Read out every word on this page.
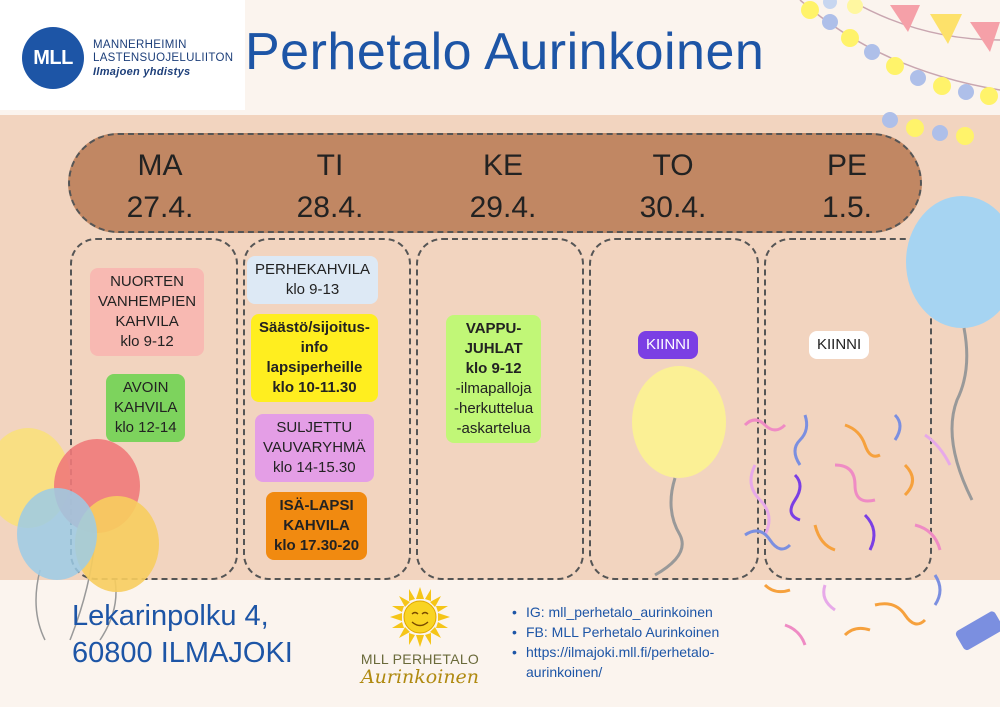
MLL
MANNERHEIMIN
LASTENSUOJELULIITON
Ilmajoen yhdistys Perhetalo Aurinkoinen
MA
27.4.
TI
28.4.
KE
29.4.
TO
30.4.
PE
1.5.
NUORTEN
VANHEMPIEN
KAHVILA
klo 9-12
AVOIN
KAHVILA
klo 12-14
PERHEKAHVILA
klo 9-13
Säästö/sijoitus-
info
lapsiperheille
klo 10-11.30
SULJETTU
VAUVARYHMÄ
klo 14-15.30
ISÄ-LAPSI
KAHVILA
klo 17.30-20
VAPPU-
JUHLAT
klo 9-12
-ilmapalloja
-herkuttelua
-askartelua
KIINNI	KIINNI
Lekarinpolku 4,
60800 ILMAJOKI	MLL PERHETALO
Aurinkoinen
• IG: mll_perhetalo_aurinkoinen
• FB: MLL Perhetalo Aurinkoinen
• https://ilmajoki.mll.fi/perhetalo-
aurinkoinen/
